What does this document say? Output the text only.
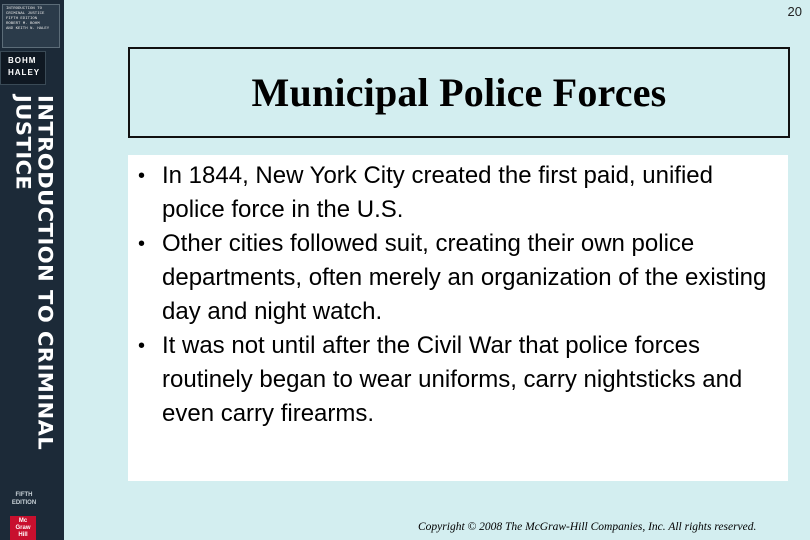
INTRODUCTION TO
CRIMINAL JUSTICE
FIFTH EDITION
ROBERT M. BOHM
AND KEITH N. HALEY
BOHM
HALEY
INTRODUCTION TO CRIMINAL JUSTICE
FIFTH
EDITION
Mc
Graw
Hill
20
Municipal Police Forces
• In 1844, New York City created the first paid, unified police force in the U.S.
• Other cities followed suit, creating their own police departments, often merely an organization of the existing day and night watch.
• It was not until after the Civil War that police forces routinely began to wear uniforms, carry nightsticks and even carry firearms.
Copyright © 2008 The McGraw-Hill Companies, Inc. All rights reserved.
